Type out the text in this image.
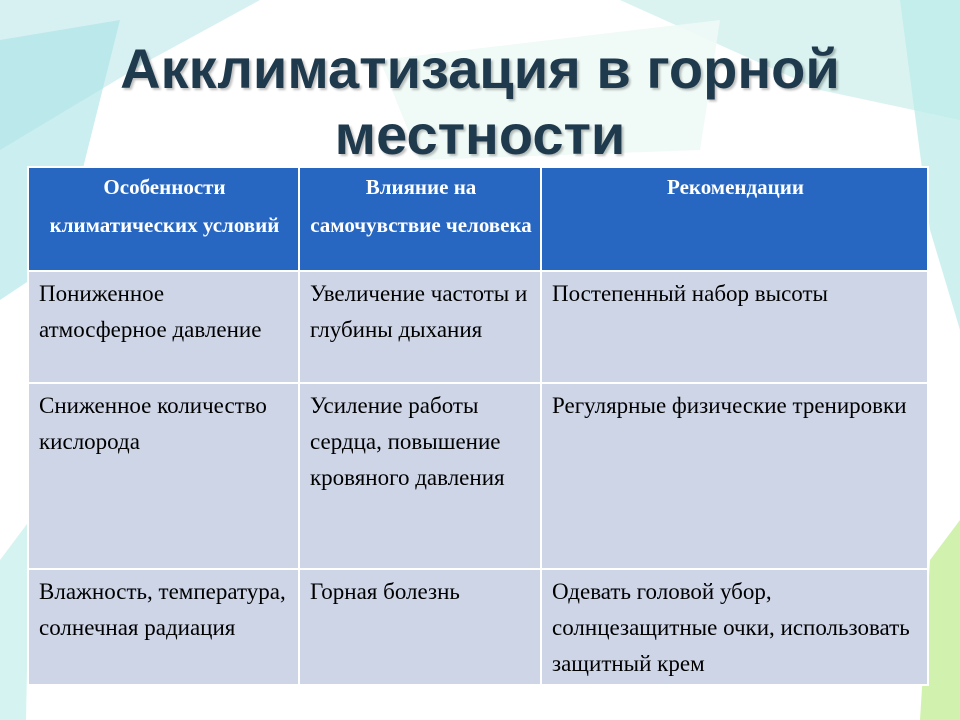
Акклиматизация в горной
местности
Особенности климатических условий	Влияние на самочувствие человека	Рекомендации
Пониженное атмосферное давление	Увеличение частоты и глубины дыхания	Постепенный набор высоты
Сниженное количество кислорода	Усиление работы сердца, повышение кровяного давления	Регулярные физические тренировки
Влажность, температура, солнечная радиация	Горная болезнь	Одевать головой убор, солнцезащитные очки, использовать защитный крем
